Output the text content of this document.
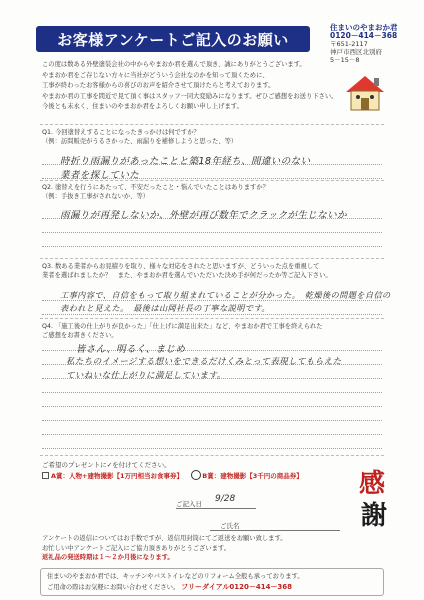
お客様アンケートご記入のお願い
住まいのやまおか君
0120－414－368
〒651-2117
神戸市西区北別府
5－15－8
この度は数ある外壁塗装会社の中からやまおか君を選んで頂き、誠にありがとうございます。
やまおか君をご存じない方々に当社がどういう会社なのかを知って頂くために、
工事が終わったお客様からの喜びのお声を紹介させて頂けたらと考えております。
やまおか君の工事を間近で見て頂く事はスタッフ一同大変励みになります。ぜひご感想をお送り下さい。
今後とも末永く、住まいのやまおか君をよろしくお願い申し上げます。
Q1. 今回塗替えすることになったきっかけは何ですか？
（例：訪問販売がうるさかった、雨漏りを補修しようと思った、等）
時折り雨漏りがあったことと築18年経ち、間違いのない
業者を探していた
Q2. 塗替えを行うにあたって、不安だったこと・悩んでいたことはありますか？
（例：手抜き工事がされないか、等）
雨漏りが再発しないか、外壁が再び数年でクラックが生じないか
Q3. 数ある業者からお見積りを取り、様々な対応をされたと思いますが、どういった点を重視して
業者を選ばれましたか？　また、やまおか君を選んでいただいた決め手が何だったか等ご記入下さい。
工事内容で、自信をもって取り組まれていることが分かった。　乾燥後の問題を自信の
表われと見えた。　最後は山岡社長の丁寧な説明です。
Q4. 「施工後の仕上がりが良かった」「仕上げに満足出来た」など、やまおか君で工事を終えられた
ご感想をお書きください。
皆さん、明るく、まじめ
私たちのイメージする想いをできるだけくみとって表現してもらえた
ていねいな仕上がりに満足しています。
ご希望のプレゼントに✓を付けてください。
A賞：人物+建物撮影【1万円相当お食事券】	B賞：建物撮影【3千円の商品券】	感
謝
ご記入日 9/28
ご氏名
アンケートの返信についてはお手数ですが、返信用封筒にてご返送をお願い致します。
お忙しい中アンケートご記入にご協力頂きありがとうございます。
返礼品の発送時期は１～２か月後になります。
住まいのやまおか君では、キッチンやバストイレなどのリフォーム全般も承っております。
ご用命の際はお気軽にお問い合わせください。 フリーダイアル0120－414－368
